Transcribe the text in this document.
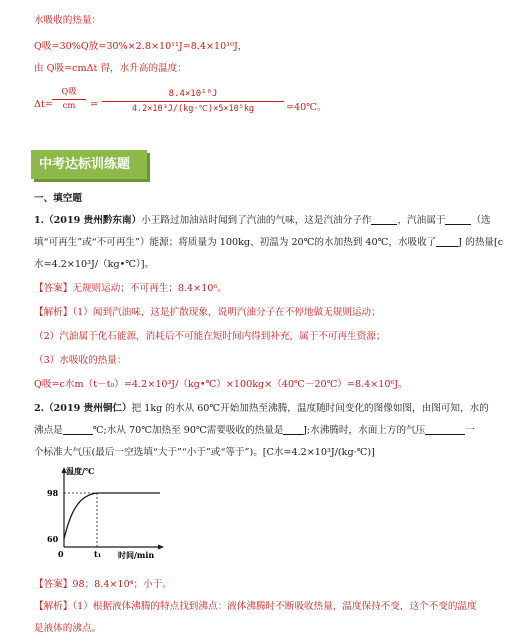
水吸收的热量：
Q吸=30%Q放=30%×2.8×10¹¹J=8.4×10¹⁰J，
由 Q吸=cmΔt 得，水升高的温度：
Δt=
Q吸
cm	= $\frac{\text{8.4×10¹⁰J}}{\text{4.2×10³J/(kg·℃)×5×10⁵kg}}$ =40℃。
中考达标训练题
一、填空题
1.（2019 贵州黔东南）小王路过加油站时闻到了汽油的气味，这是汽油分子作	，汽油属于	（选
填“可再生”或“不可再生”）能源；将质量为 100kg、初温为 20℃的水加热到 40℃，水吸收了 J 的热量[c
水=4.2×10³J/（kg•℃）]。
【答案】无规则运动；不可再生；8.4×10⁶。
【解析】（1）闻到汽油味，这是扩散现象，说明汽油分子在不停地做无规则运动；
（2）汽油属于化石能源，消耗后不可能在短时间内得到补充，属于不可再生资源；
（3）水吸收的热量：
Q吸=c水m（t－t₀）=4.2×10³J/（kg•℃）×100kg×（40℃－20℃）=8.4×10⁶J。
2.（2019 贵州铜仁）把 1kg 的水从 60℃开始加热至沸腾，温度随时间变化的图像如图，由图可知，水的
沸点是	℃;水从 70℃加热至 90℃需要吸收的热量是 J;水沸腾时，水面上方的气压	一
个标准大气压(最后一空选填“大于”“小于”或“等于”)。[C水=4.2×10³J/(kg·℃)]
温度/℃
98
60
0	t₁ 时间/min
【答案】98；8.4×10⁴；小于。
【解析】（1）根据液体沸腾的特点找到沸点：液体沸腾时不断吸收热量，温度保持不变，这个不变的温度
是液体的沸点。
